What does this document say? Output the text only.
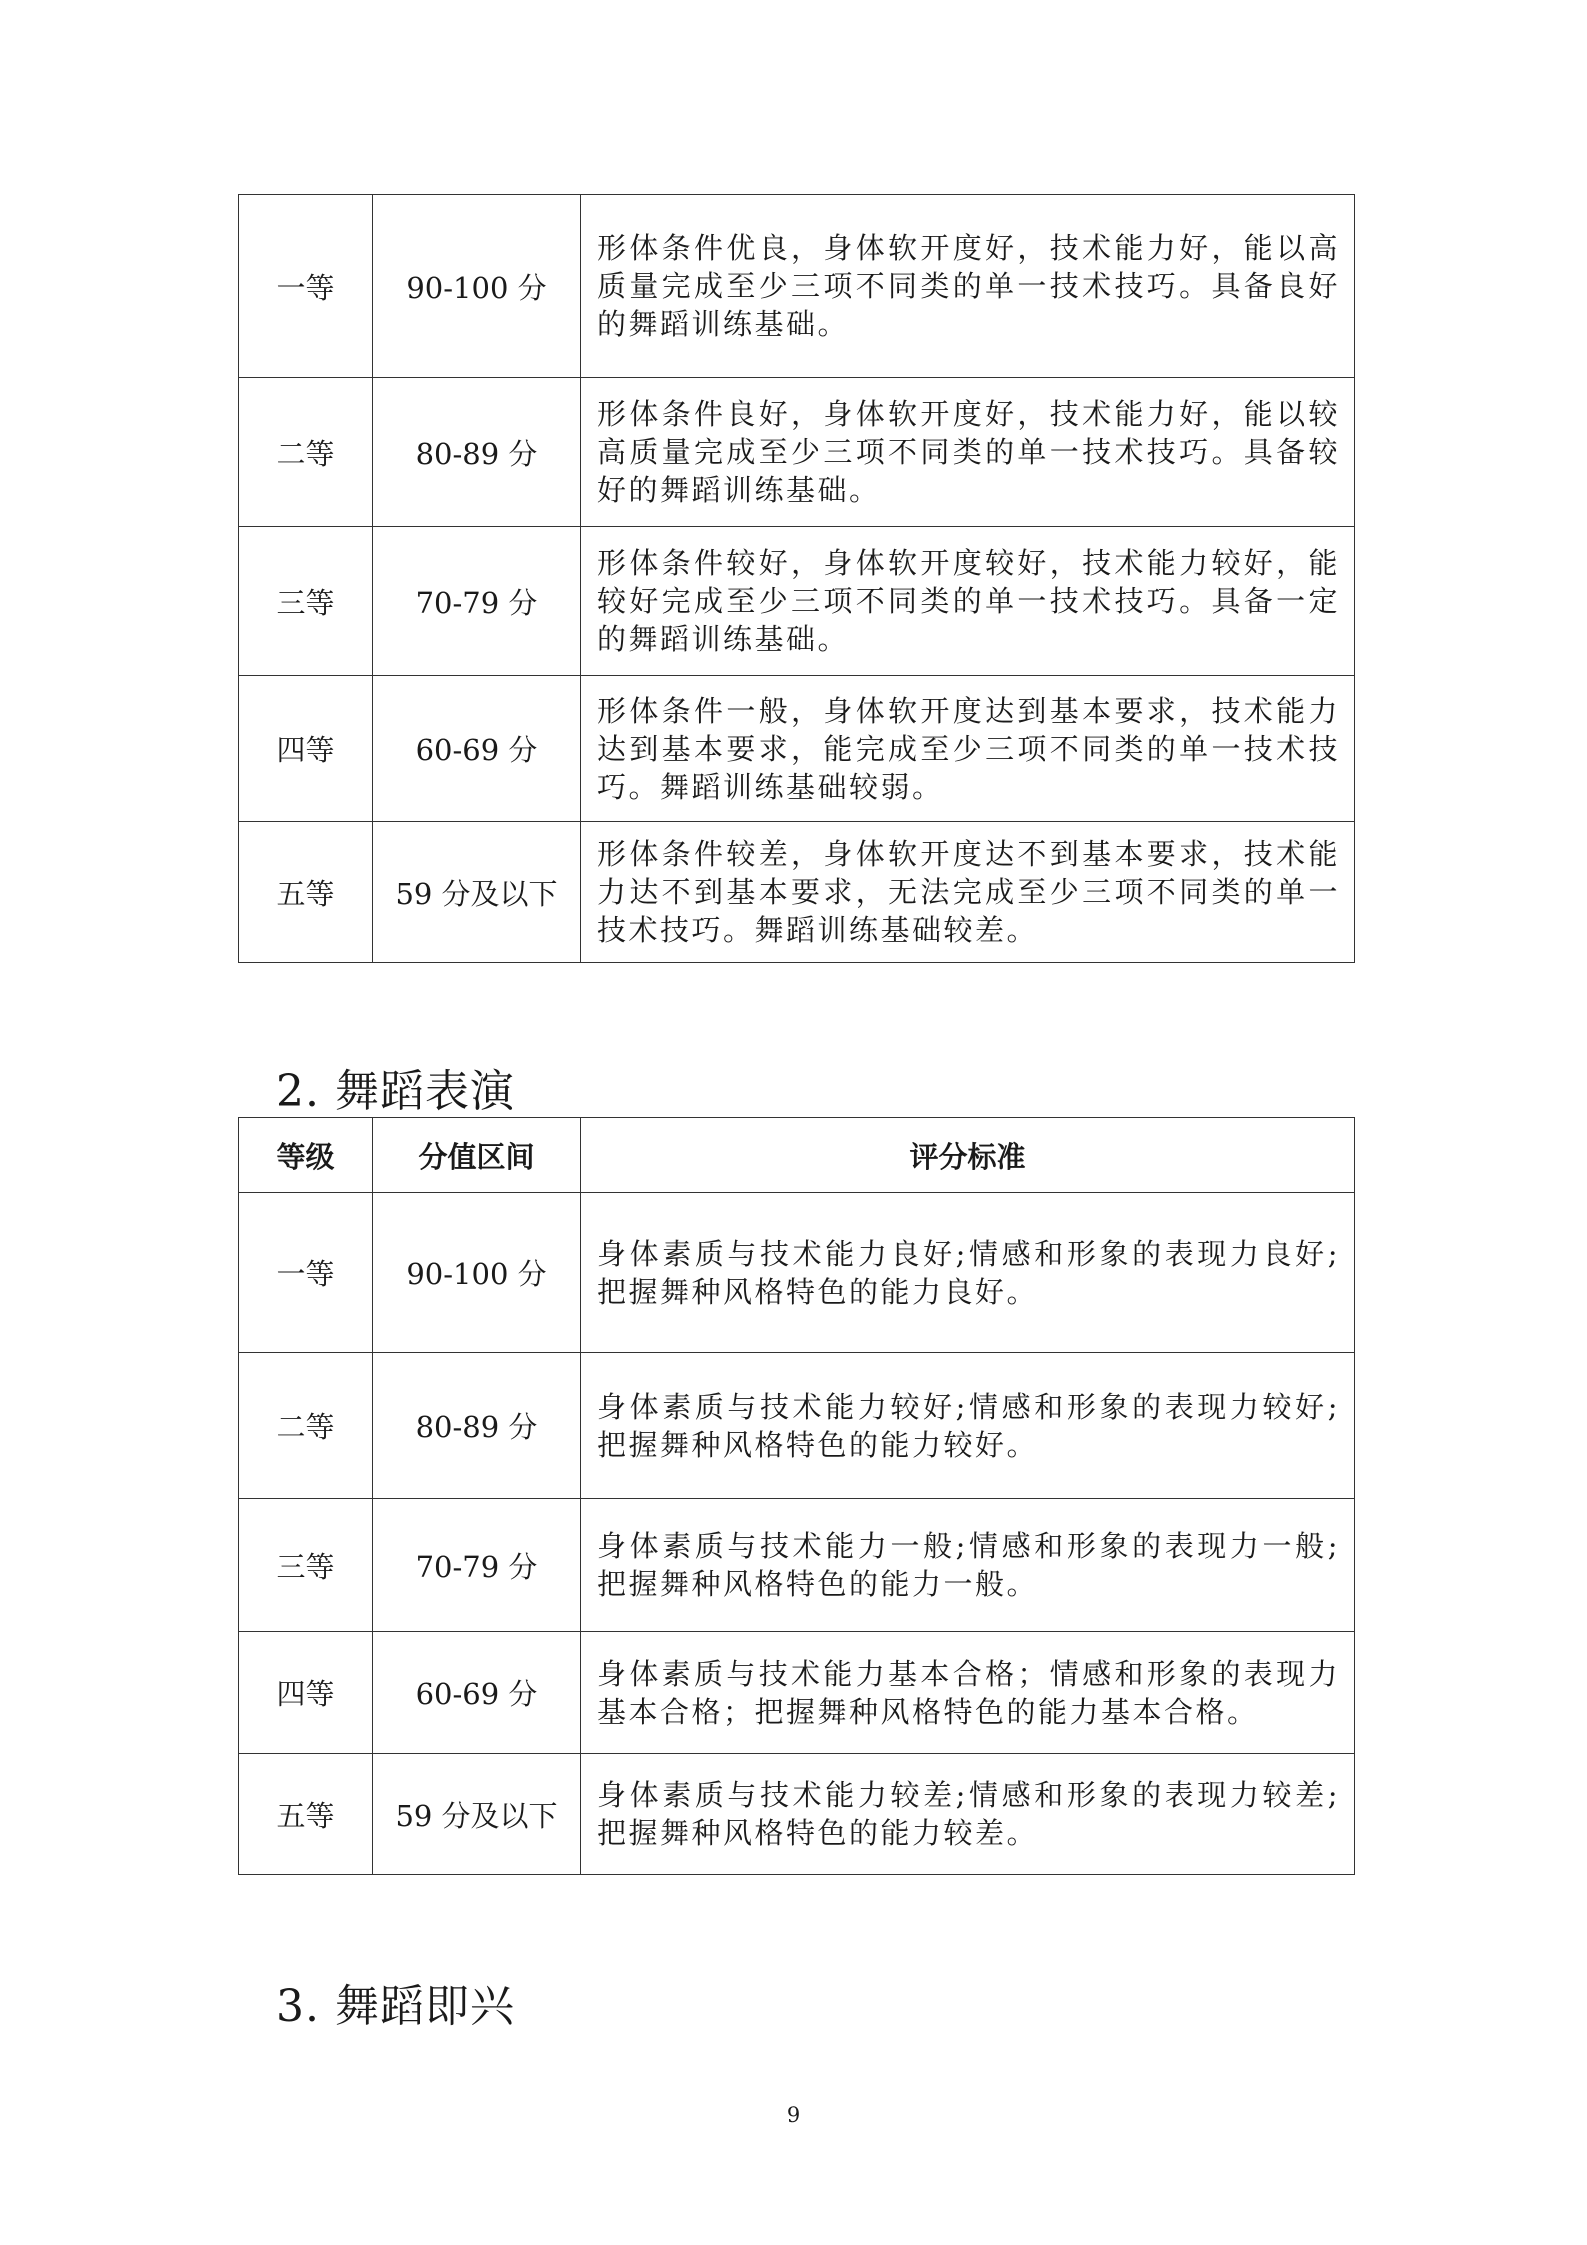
一等	90-100 分	形体条件优良，身体软开度好，技术能力好，能以高质量完成至少三项不同类的单一技术技巧。具备良好的舞蹈训练基础。
二等	80-89 分	形体条件良好，身体软开度好，技术能力好，能以较高质量完成至少三项不同类的单一技术技巧。具备较好的舞蹈训练基础。
三等	70-79 分	形体条件较好，身体软开度较好，技术能力较好，能较好完成至少三项不同类的单一技术技巧。具备一定的舞蹈训练基础。
四等	60-69 分	形体条件一般，身体软开度达到基本要求，技术能力达到基本要求，能完成至少三项不同类的单一技术技巧。舞蹈训练基础较弱。
五等	59 分及以下	形体条件较差，身体软开度达不到基本要求，技术能力达不到基本要求，无法完成至少三项不同类的单一技术技巧。舞蹈训练基础较差。
2. 舞蹈表演
等级	分值区间	评分标准
一等	90-100 分	身体素质与技术能力良好;情感和形象的表现力良好;把握舞种风格特色的能力良好。
二等	80-89 分	身体素质与技术能力较好;情感和形象的表现力较好;把握舞种风格特色的能力较好。
三等	70-79 分	身体素质与技术能力一般;情感和形象的表现力一般;把握舞种风格特色的能力一般。
四等	60-69 分	身体素质与技术能力基本合格；情感和形象的表现力基本合格；把握舞种风格特色的能力基本合格。
五等	59 分及以下	身体素质与技术能力较差;情感和形象的表现力较差;把握舞种风格特色的能力较差。
3. 舞蹈即兴
9
